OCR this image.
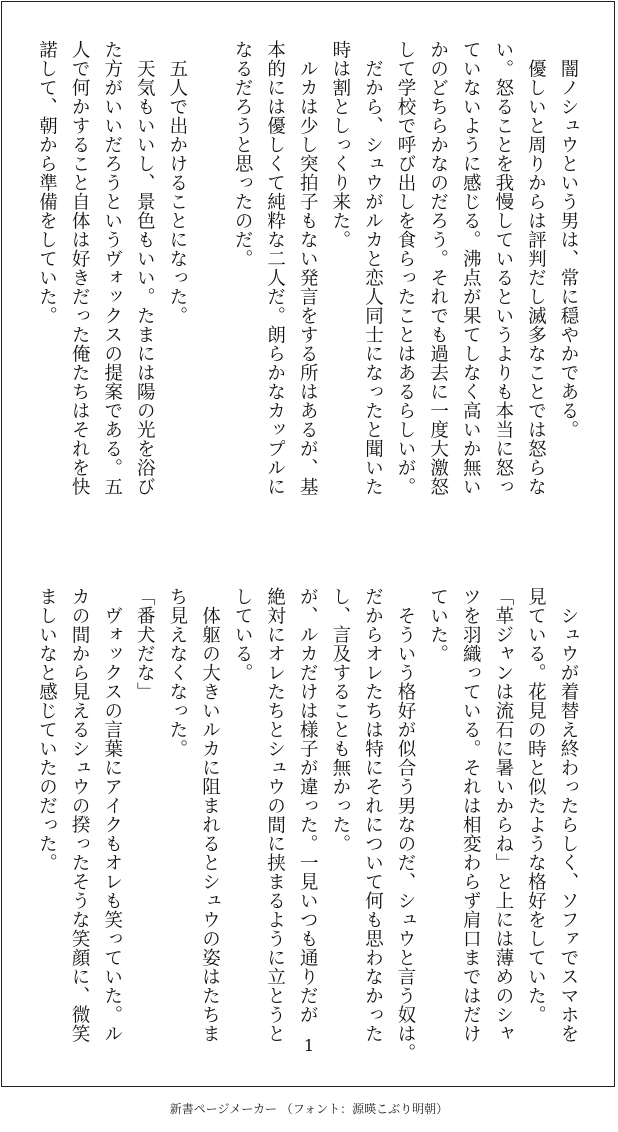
　闇ノシュウという男は、常に穏やかである。
　優しいと周りからは評判だし滅多なことでは怒らな
い。怒ることを我慢しているというよりも本当に怒っ
ていないように感じる。沸点が果てしなく高いか無い
かのどちらかなのだろう。それでも過去に一度大激怒
して学校で呼び出しを食らったことはあるらしいが。
　だから、シュウがルカと恋人同士になったと聞いた
時は割としっくり来た。
　ルカは少し突拍子もない発言をする所はあるが、基
本的には優しくて純粋な二人だ。朗らかなカップルに
なるだろうと思ったのだ。

　五人で出かけることになった。
　天気もいいし、景色もいい。たまには陽の光を浴び
た方がいいだろうというヴォックスの提案である。五
人で何かすること自体は好きだった俺たちはそれを快
諾して、朝から準備をしていた。
　シュウが着替え終わったらしく、ソファでスマホを
見ている。花見の時と似たような格好をしていた。
「革ジャンは流石に暑いからね」と上には薄めのシャ
ツを羽織っている。それは相変わらず肩口まではだけ
ていた。
　そういう格好が似合う男なのだ、シュウと言う奴は。
だからオレたちは特にそれについて何も思わなかった
し、言及することも無かった。
が、ルカだけは様子が違った。一見いつも通りだが
絶対にオレたちとシュウの間に挟まるように立とうと
している。
　体躯の大きいルカに阻まれるとシュウの姿はたちま
ち見えなくなった。
「番犬だな」
　ヴォックスの言葉にアイクもオレも笑っていた。ル
カの間から見えるシュウの揆ったそうな笑顔に、微笑
ましいなと感じていたのだった。
1
新書ページメーカー （フォント：源暎こぶり明朝）
